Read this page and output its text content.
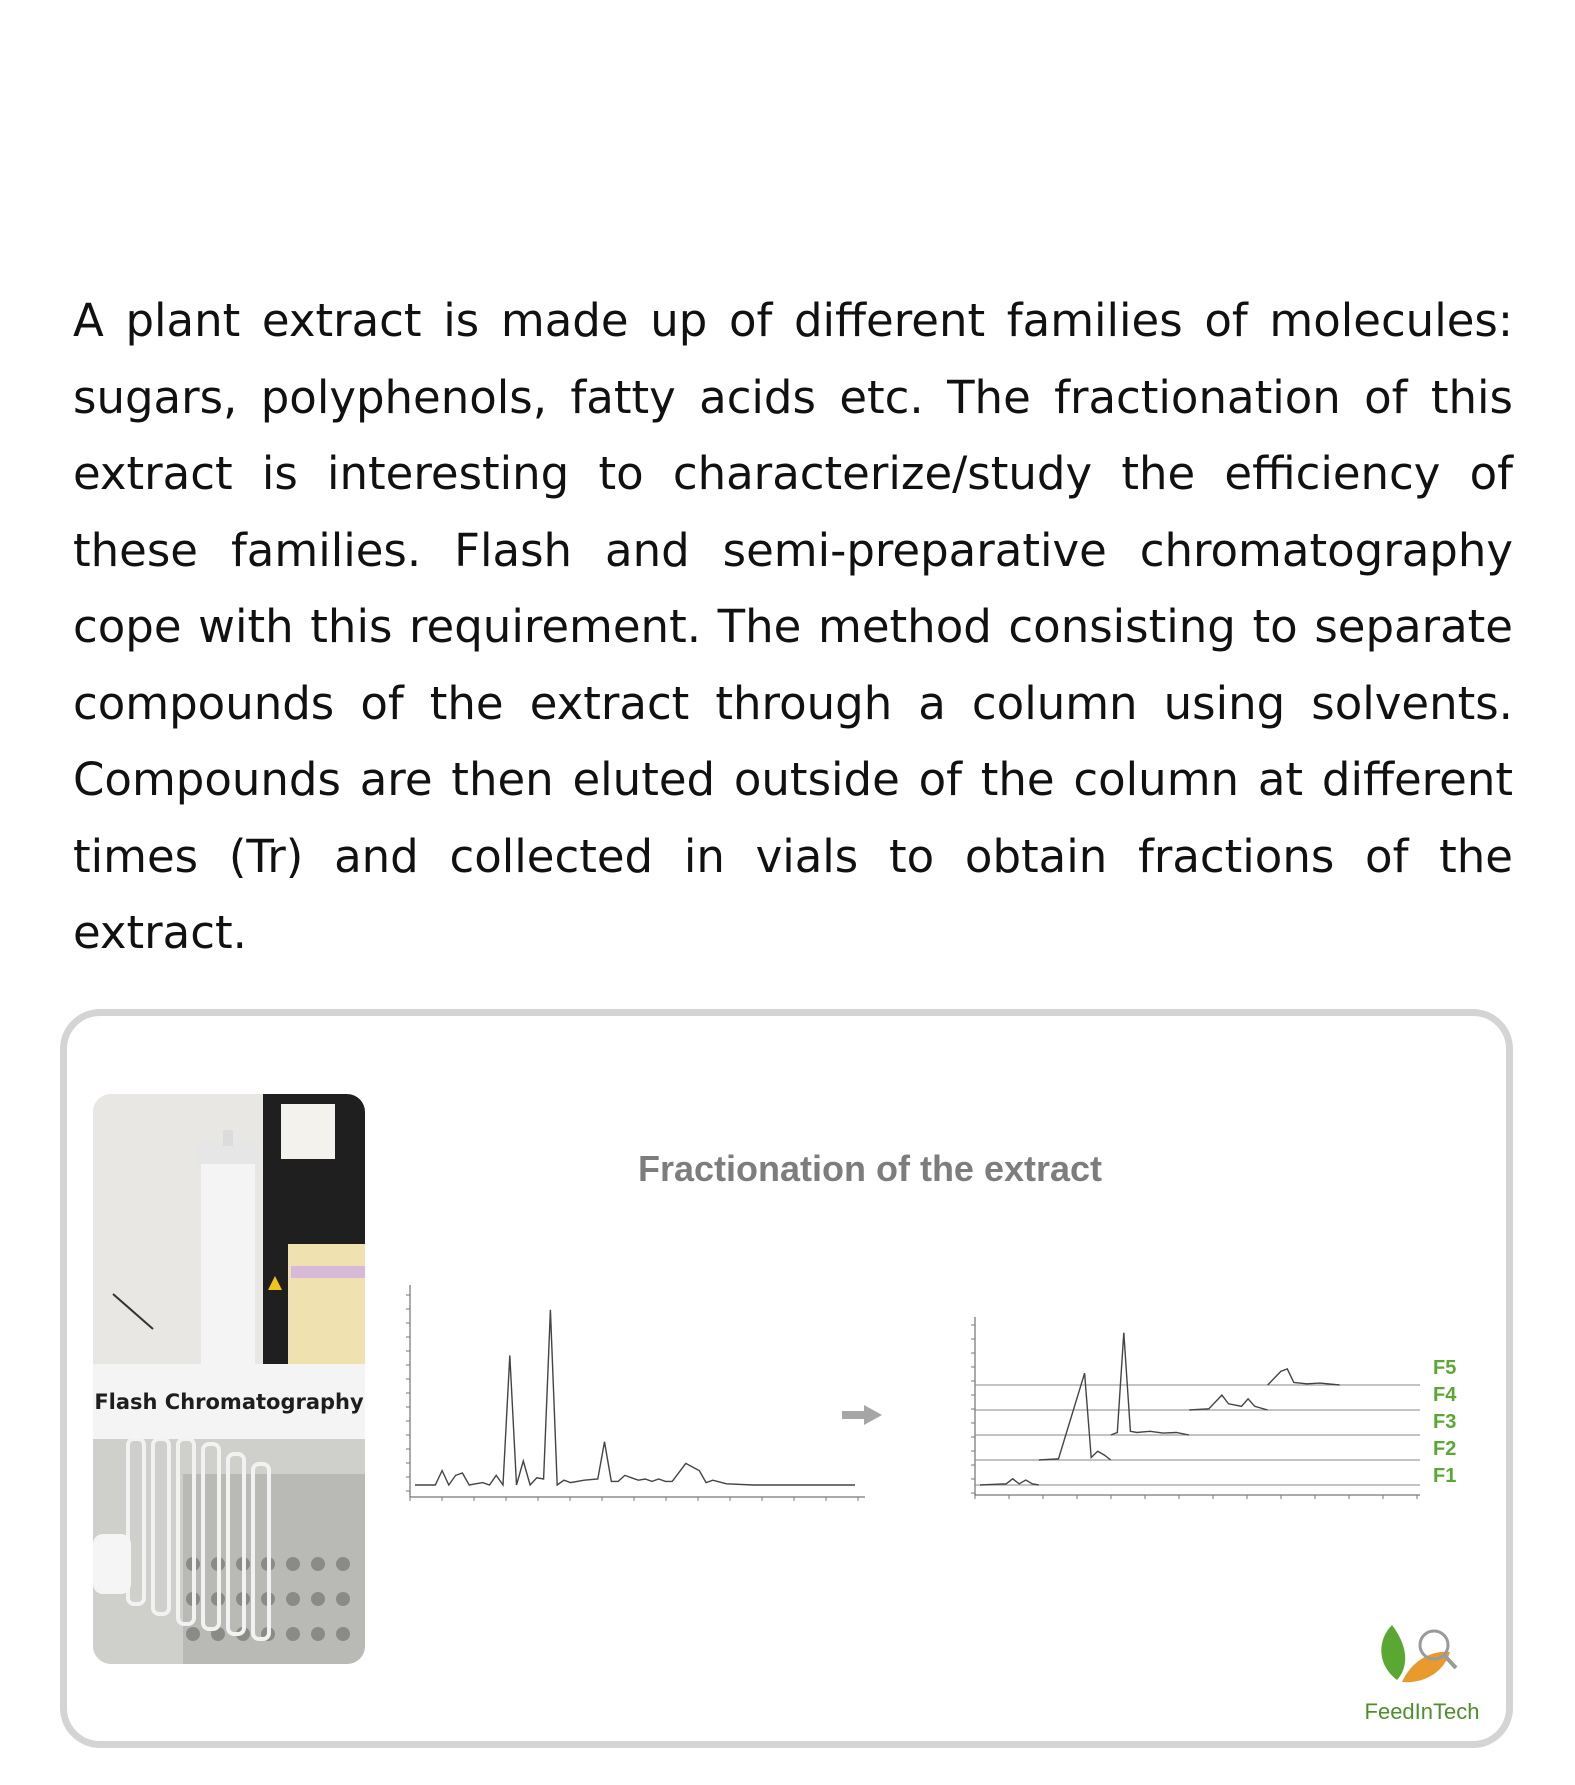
A plant extract is made up of different families of molecules: sugars, polyphenols, fatty acids etc. The fractionation of this extract is interesting to characterize/study the efficiency of these families. Flash and semi-preparative chromatography cope with this requirement. The method consisting to separate compounds of the extract through a column using solvents. Compounds are then eluted outside of the column at different times (Tr) and collected in vials to obtain fractions of the extract.

Flash Chromatography
Fractionation of the extract
F5
F4
F3
F2
F1
FeedInTech
